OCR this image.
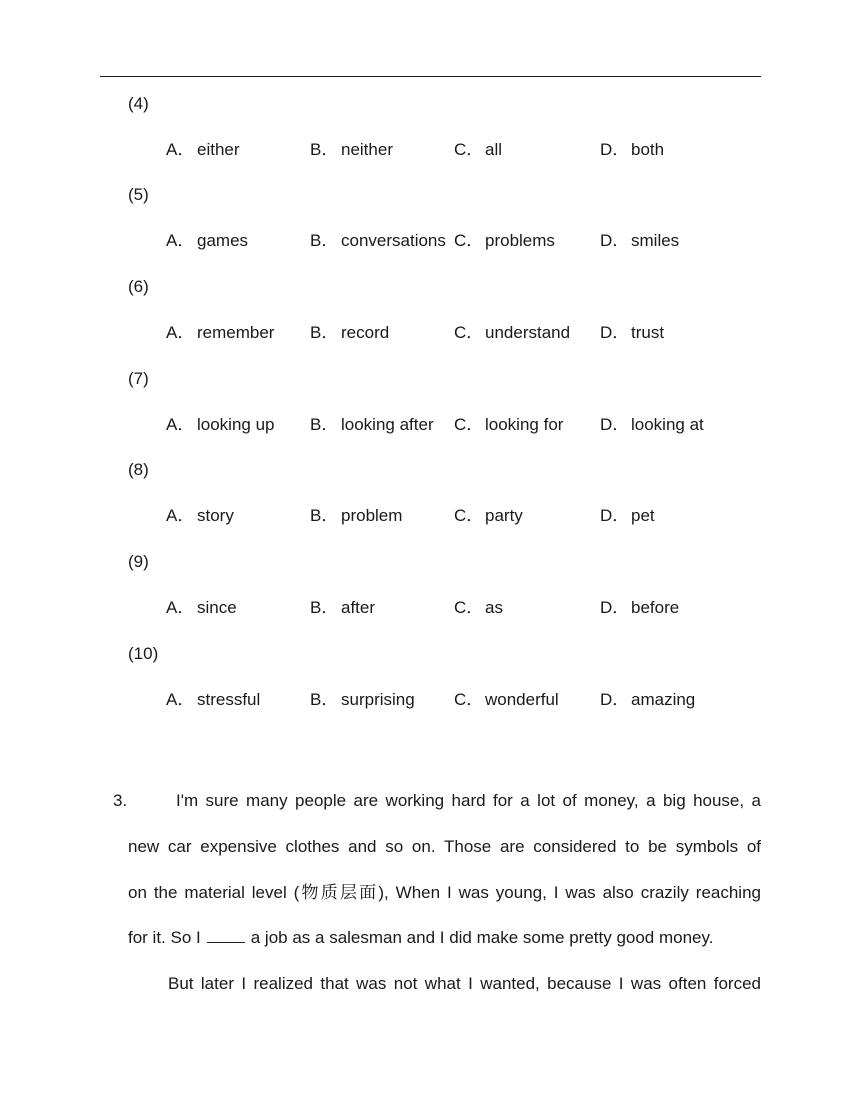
(4)
A． either	B． neither	C． all	D． both
(5)
A． games	B． conversations C． problems	D． smiles
(6)
A． remember B． record	C． understand D． trust
(7)
A． looking up B． looking after C． looking for D． looking at
(8)
A． story	B． problem	C． party	D． pet
(9)
A． since	B． after	C． as	D． before
(10)
A． stressful	B． surprising C． wonderful D． amazing
3.	I'm sure many people are working hard for a lot of money, a big house, a
new car expensive clothes and so on. Those are considered to be symbols of
on the material level (物质层面), When I was young, I was also crazily reaching
for it. So I	a job as a salesman and I did make some pretty good money.
But later I realized that was not what I wanted, because I was often forced
